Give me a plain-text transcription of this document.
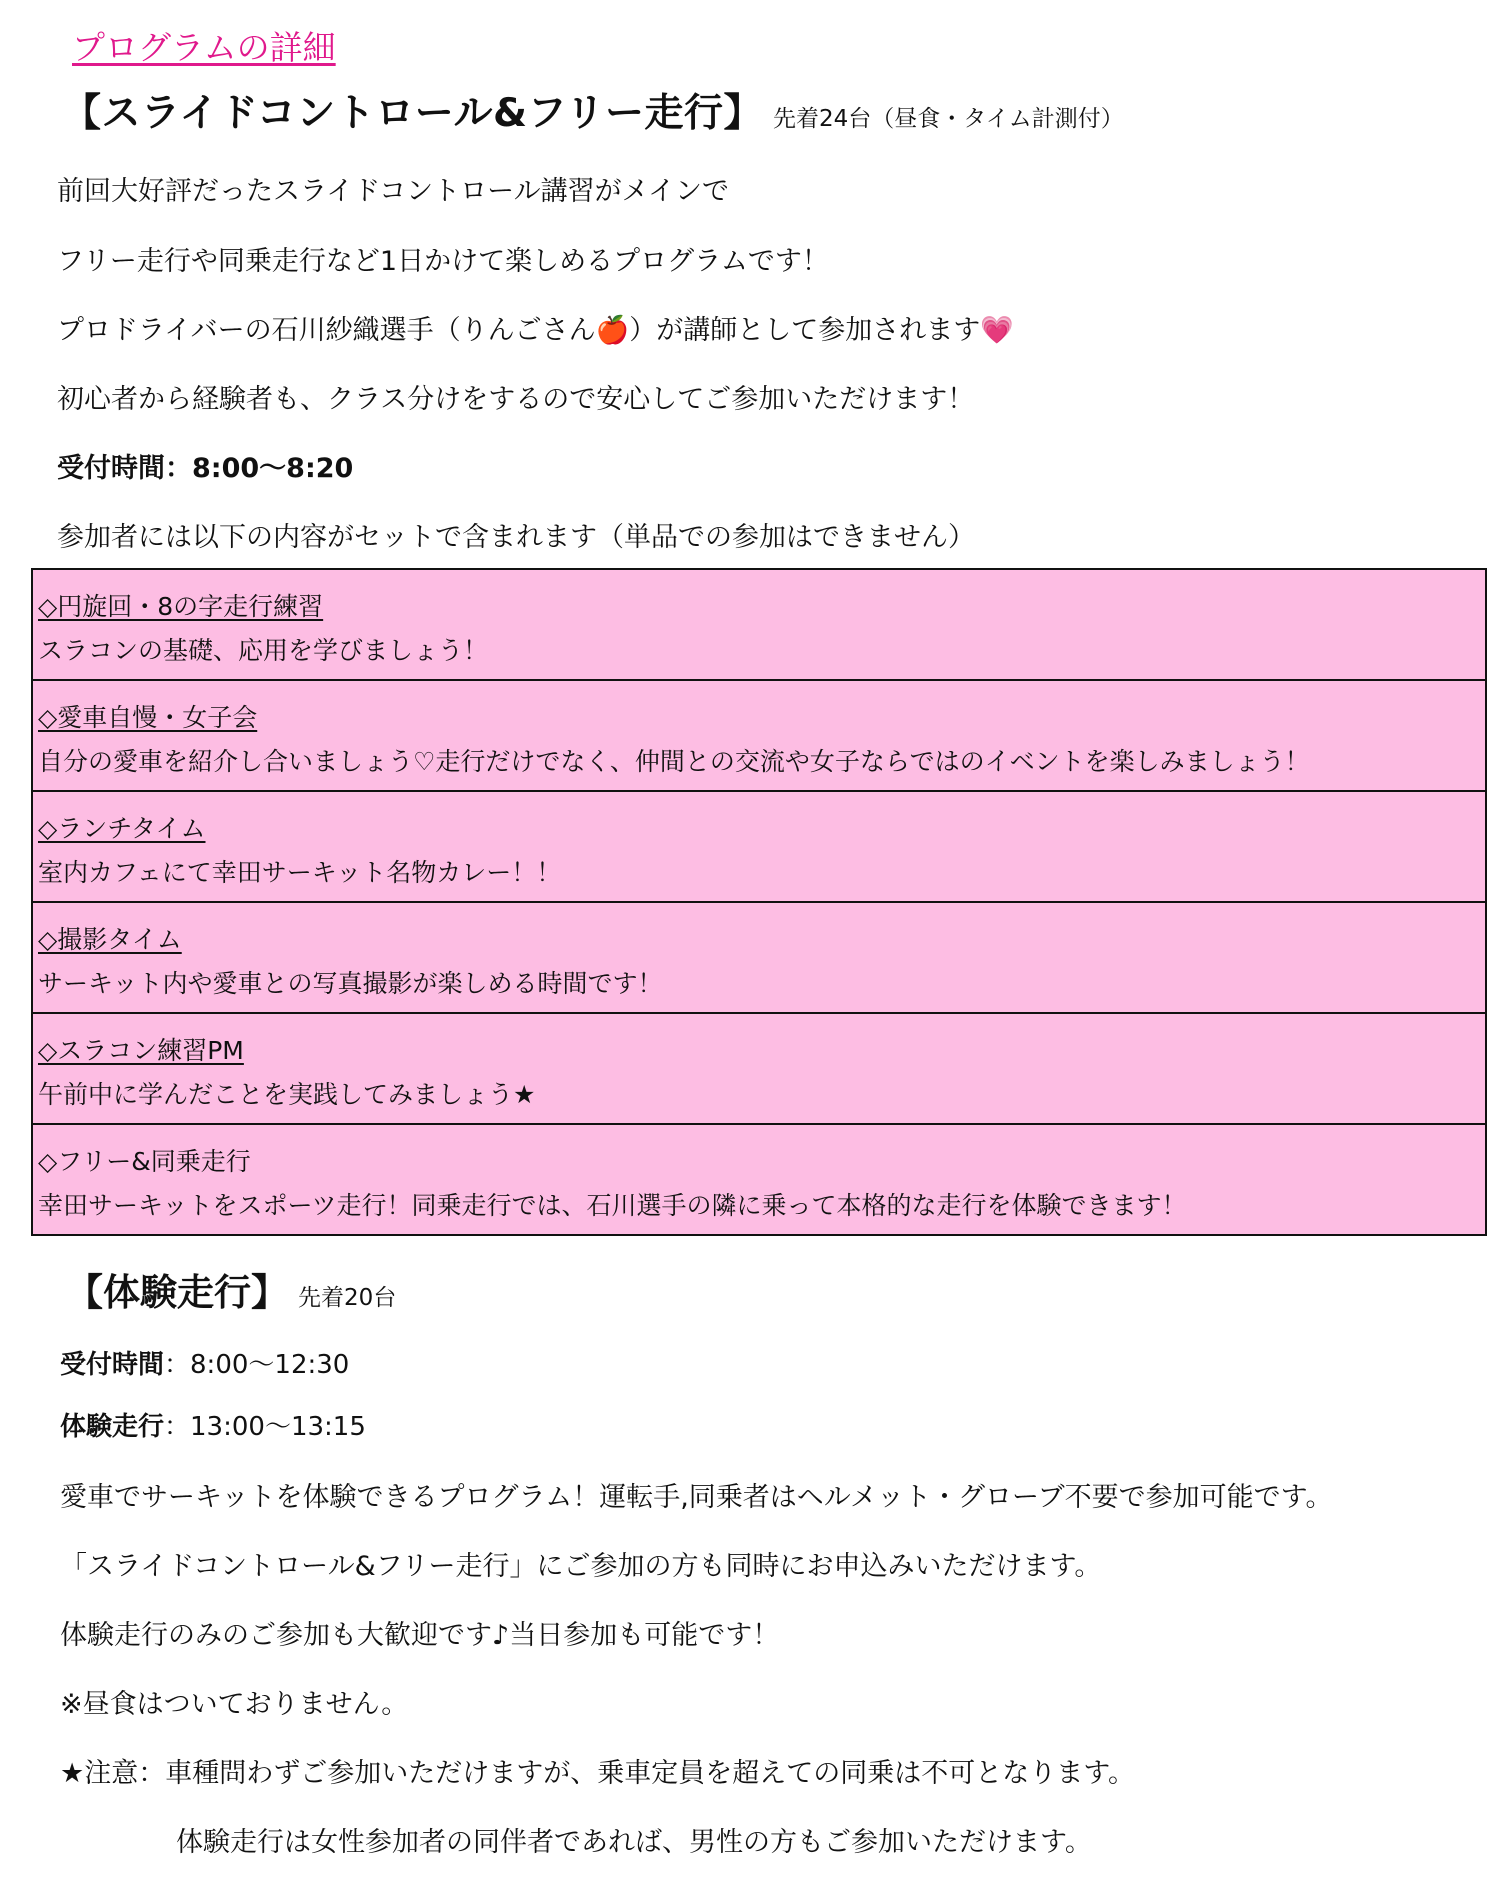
プログラムの詳細
【スライドコントロール&フリー走行】 先着24台（昼食・タイム計測付）
前回大好評だったスライドコントロール講習がメインで
フリー走行や同乗走行など1日かけて楽しめるプログラムです！
プロドライバーの石川紗織選手（りんごさん🍎）が講師として参加されます💗
初心者から経験者も、クラス分けをするので安心してご参加いただけます！
受付時間：8:00～8:20
参加者には以下の内容がセットで含まれます（単品での参加はできません）
◇円旋回・8の字走行練習
スラコンの基礎、応用を学びましょう！
◇愛車自慢・女子会
自分の愛車を紹介し合いましょう♡走行だけでなく、仲間との交流や女子ならではのイベントを楽しみましょう！
◇ランチタイム
室内カフェにて幸田サーキット名物カレー！！
◇撮影タイム
サーキット内や愛車との写真撮影が楽しめる時間です！
◇スラコン練習PM
午前中に学んだことを実践してみましょう★
◇フリー&同乗走行
幸田サーキットをスポーツ走行！同乗走行では、石川選手の隣に乗って本格的な走行を体験できます！
【体験走行】 先着20台
受付時間：8:00～12:30
体験走行：13:00～13:15
愛車でサーキットを体験できるプログラム！運転手,同乗者はヘルメット・グローブ不要で参加可能です。
「スライドコントロール&フリー走行」にご参加の方も同時にお申込みいただけます。
体験走行のみのご参加も大歓迎です♪当日参加も可能です！
※昼食はついておりません。
★注意：車種問わずご参加いただけますが、乗車定員を超えての同乗は不可となります。
体験走行は女性参加者の同伴者であれば、男性の方もご参加いただけます。
